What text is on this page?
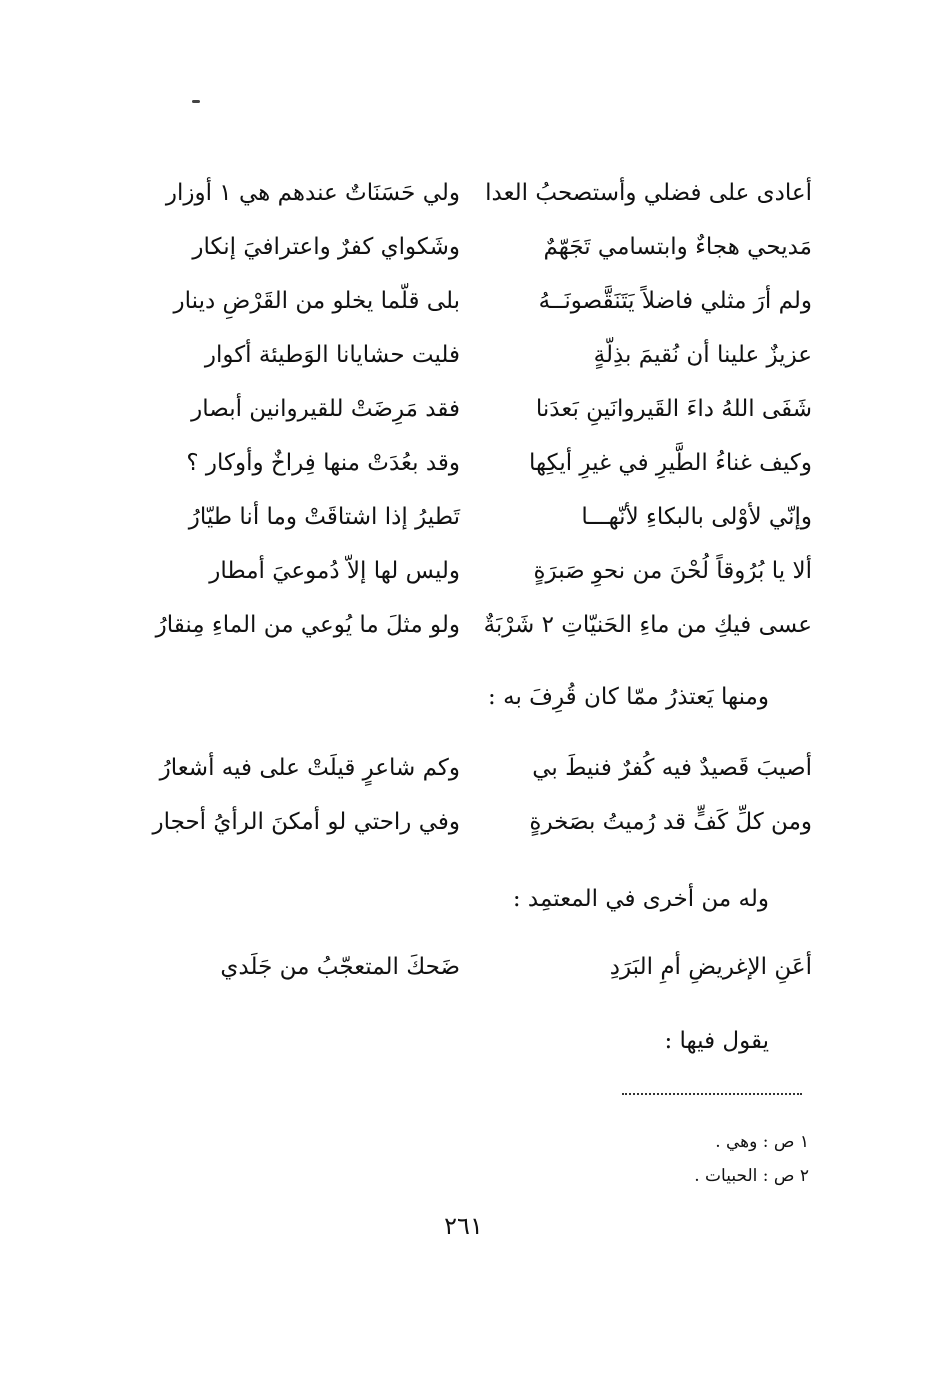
أعادى على فضلي وأستصحبُ العدا
ولي حَسَنَاتٌ عندهم هي ١ أوزار
مَديحي هجاءٌ وابتسامي تَجَهّمٌ
وشَكواي كفرٌ واعترافيَ إنكار
ولم أرَ مثلي فاضلاً يَتَنَقَّصونَــهُ
بلى قلّما يخلو من القَرْضِ دينار
عزيزٌ علينا أن نُقيمَ بذِلّةٍ
فليت حشايانا الوَطيئة أكوار
شَفَى اللهُ داءَ القَيروانَينِ بَعدَنا
فقد مَرِضَتْ للقيروانين أبصار
وكيف غناءُ الطَّيرِ في غيرِ أيكِها
وقد بعُدَتْ منها فِراخٌ وأوكار ؟
وإنّي لأوْلى بالبكاءِ لأنّهـــا
تَطيرُ إذا اشتاقَتْ وما أنا طيّارُ
ألا يا بُرُوقاً لُحْنَ من نحوِ صَبرَةٍ
وليس لها إلاّ دُموعيَ أمطار
عسى فيكِ من ماءِ الحَنيّاتِ ٢ شَرْبَةٌ
ولو مثلَ ما يُوعي من الماءِ مِنقارُ
ومنها يَعتذرُ ممّا كان قُرِفَ به :
أصيبَ قَصيدٌ فيه كُفرٌ فنيطَ بي
وكم شاعرٍ قيلَتْ على فيه أشعارُ
ومن كلِّ كَفٍّ قد رُميتُ بصَخرةٍ
وفي راحتي لو أمكنَ الرأيُ أحجار
وله من أخرى في المعتمِد :
أعَنِ الإغريضِ أمِ البَرَدِ
ضَحكَ المتعجّبُ من جَلَدي
يقول فيها :
١ ص : وهي .
٢ ص : الحبيات .
٢٦١
